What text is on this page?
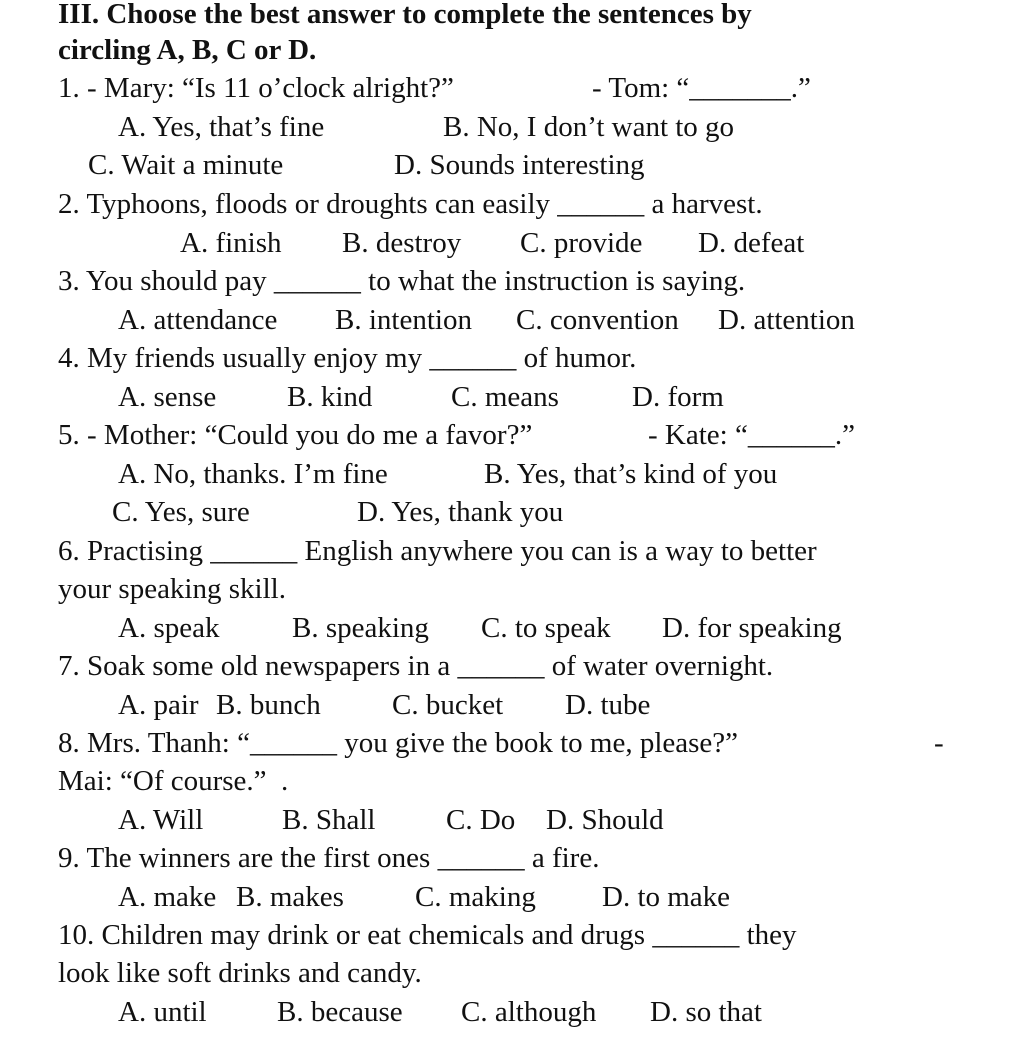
III. Choose the best answer to complete the sentences by
circling A, B, C or D.
1. - Mary: “Is 11 o’clock alright?”	- Tom: “_______.”
A. Yes, that’s fine	B. No, I don’t want to go
C. Wait a minute	D. Sounds interesting
2. Typhoons, floods or droughts can easily ______ a harvest.
A. finish B. destroy C. provide D. defeat
3. You should pay ______ to what the instruction is saying.
A. attendance B. intention C. convention D. attention
4. My friends usually enjoy my ______ of humor.
A. sense B. kind	C. means	D. form
5. - Mother: “Could you do me a favor?”	- Kate: “______.”
A. No, thanks. I’m fine	B. Yes, that’s kind of you
C. Yes, sure	D. Yes, thank you
6. Practising ______ English anywhere you can is a way to better
your speaking skill.
A. speak	B. speaking C. to speak D. for speaking
7. Soak some old newspapers in a ______ of water overnight.
A. pair B. bunch C. bucket D. tube
8. Mrs. Thanh: “______ you give the book to me, please?”	-
Mai: “Of course.”  .
A. Will	B. Shall C. Do D. Should
9. The winners are the first ones ______ a fire.
A. make B. makes C. making D. to make
10. Children may drink or eat chemicals and drugs ______ they
look like soft drinks and candy.
A. until B. because C. although D. so that
